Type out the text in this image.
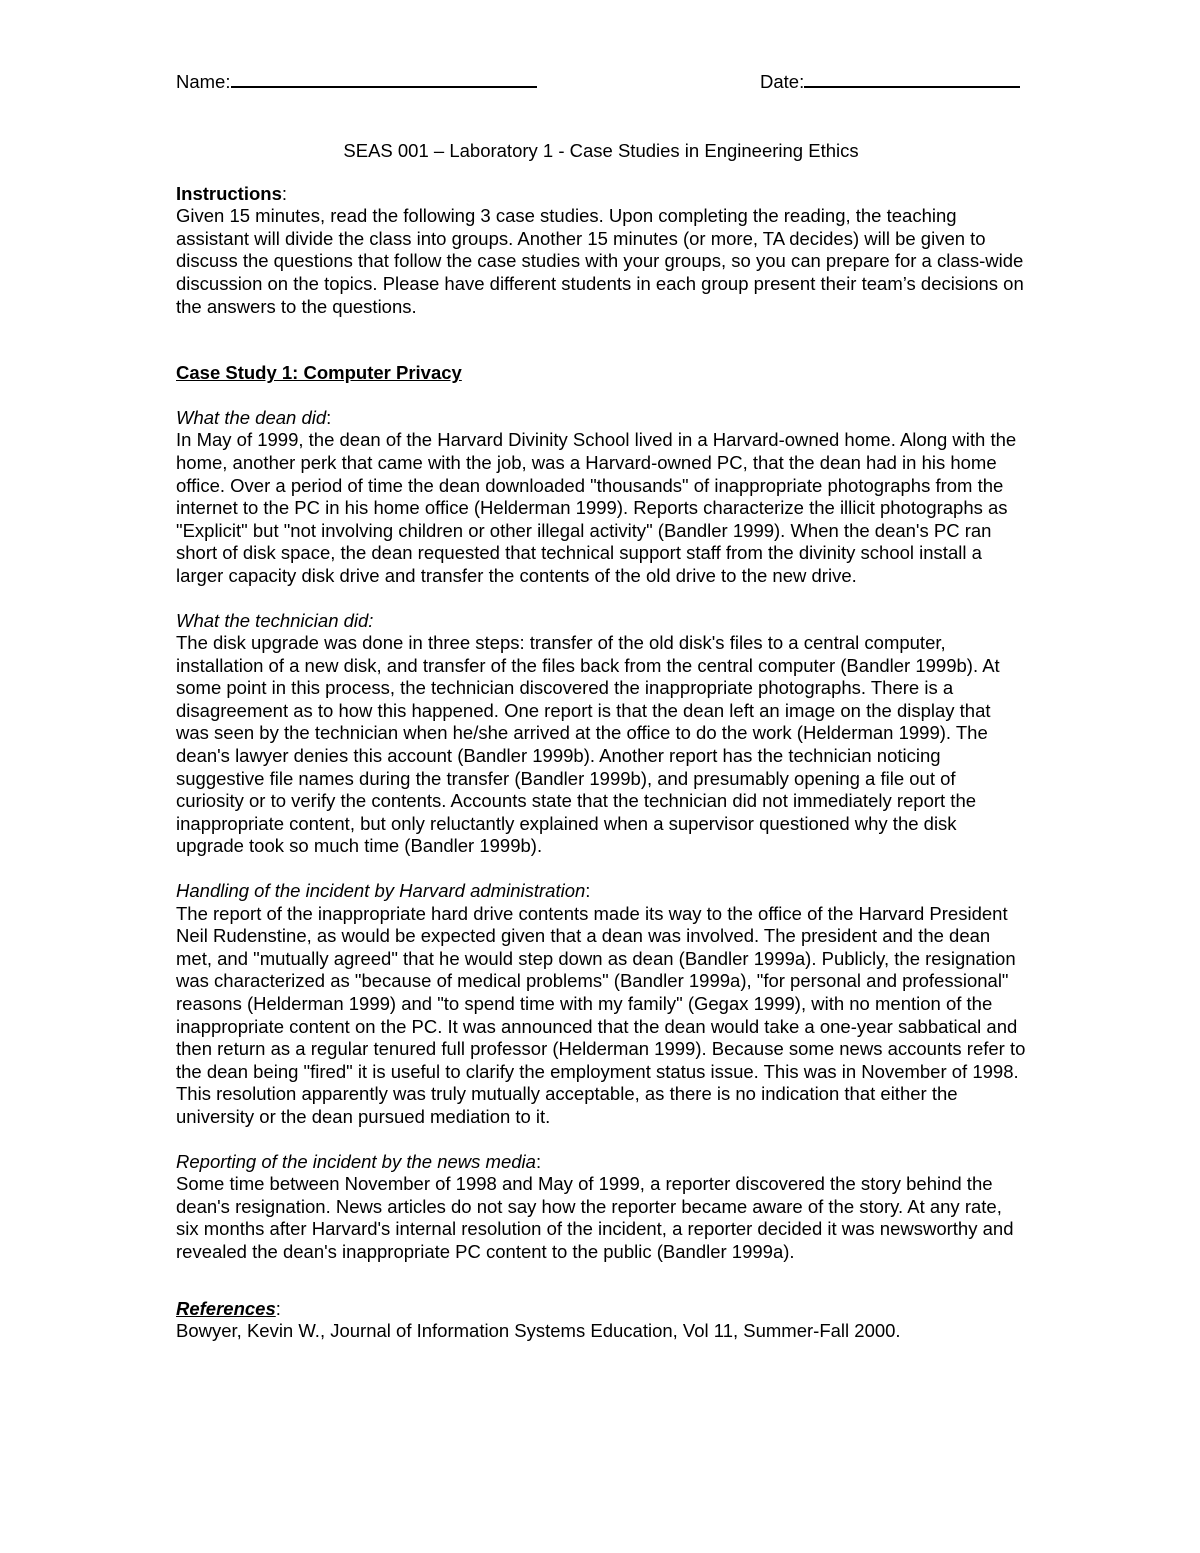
Name:	Date:
SEAS 001 – Laboratory 1 - Case Studies in Engineering Ethics

Instructions:

Given 15 minutes, read the following 3 case studies. Upon completing the reading, the teaching assistant will divide the class into groups. Another 15 minutes (or more, TA decides) will be given to discuss the questions that follow the case studies with your groups, so you can prepare for a class-wide discussion on the topics. Please have different students in each group present their team’s decisions on the answers to the questions.

Case Study 1: Computer Privacy

What the dean did:

In May of 1999, the dean of the Harvard Divinity School lived in a Harvard-owned home. Along with the home, another perk that came with the job, was a Harvard-owned PC, that the dean had in his home office. Over a period of time the dean downloaded "thousands" of inappropriate photographs from the internet to the PC in his home office (Helderman 1999). Reports characterize the illicit photographs as "Explicit" but "not involving children or other illegal activity" (Bandler 1999). When the dean's PC ran short of disk space, the dean requested that technical support staff from the divinity school install a larger capacity disk drive and transfer the contents of the old drive to the new drive.

What the technician did:

The disk upgrade was done in three steps: transfer of the old disk's files to a central computer, installation of a new disk, and transfer of the files back from the central computer (Bandler 1999b). At some point in this process, the technician discovered the inappropriate photographs. There is a disagreement as to how this happened. One report is that the dean left an image on the display that was seen by the technician when he/she arrived at the office to do the work (Helderman 1999). The dean's lawyer denies this account (Bandler 1999b). Another report has the technician noticing suggestive file names during the transfer (Bandler 1999b), and presumably opening a file out of curiosity or to verify the contents. Accounts state that the technician did not immediately report the inappropriate content, but only reluctantly explained when a supervisor questioned why the disk upgrade took so much time (Bandler 1999b).

Handling of the incident by Harvard administration:

The report of the inappropriate hard drive contents made its way to the office of the Harvard President Neil Rudenstine, as would be expected given that a dean was involved. The president and the dean met, and "mutually agreed" that he would step down as dean (Bandler 1999a). Publicly, the resignation was characterized as "because of medical problems" (Bandler 1999a), "for personal and professional" reasons (Helderman 1999) and "to spend time with my family" (Gegax 1999), with no mention of the inappropriate content on the PC. It was announced that the dean would take a one-year sabbatical and then return as a regular tenured full professor (Helderman 1999). Because some news accounts refer to the dean being "fired" it is useful to clarify the employment status issue. This was in November of 1998. This resolution apparently was truly mutually acceptable, as there is no indication that either the university or the dean pursued mediation to it.

Reporting of the incident by the news media:

Some time between November of 1998 and May of 1999, a reporter discovered the story behind the dean's resignation. News articles do not say how the reporter became aware of the story. At any rate, six months after Harvard's internal resolution of the incident, a reporter decided it was newsworthy and revealed the dean's inappropriate PC content to the public (Bandler 1999a).

References:

Bowyer, Kevin W., Journal of Information Systems Education, Vol 11, Summer-Fall 2000.
